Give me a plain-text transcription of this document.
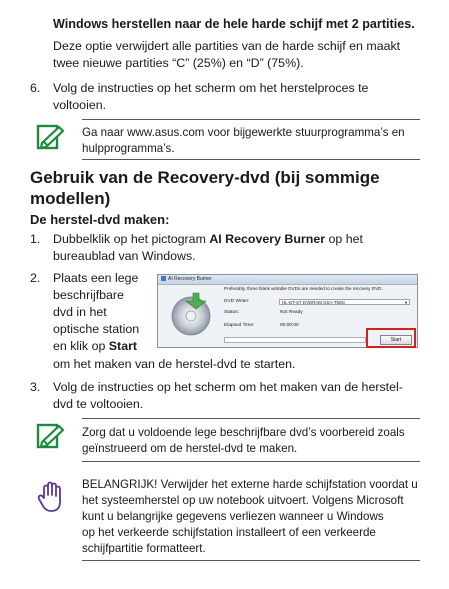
Windows herstellen naar de hele harde schijf met 2 partities.
Deze optie verwijdert alle partities van de harde schijf en maakt
twee nieuwe partities “C” (25%) en “D” (75%).
6. Volg de instructies op het scherm om het herstelproces te
voltooien.
Ga naar www.asus.com voor bijgewerkte stuurprogramma’s en
hulpprogramma’s.
Gebruik van de Recovery-dvd (bij sommige
modellen)
De herstel-dvd maken:
1. Dubbelklik op het pictogram AI Recovery Burner op het
bureaublad van Windows.
2. Plaats een lege
beschrijfbare
dvd in het
optische station
en klik op Start
om het maken van de herstel-dvd te starten.
AI Recovery Burner
Preferably, three blank writable DVDs are needed to create the recovery DVD.
DVD Writer:	HL-DT-ST DVDRAM GSA-T50N	▼
Status:	Not Ready
Elapsed Time:	00:00:00
Start
3. Volg de instructies op het scherm om het maken van de herstel-
dvd te voltooien.
Zorg dat u voldoende lege beschrijfbare dvd’s voorbereid zoals
geïnstrueerd om de herstel-dvd te maken.
BELANGRIJK! Verwijder het externe harde schijfstation voordat u
het systeemherstel op uw notebook uitvoert. Volgens Microsoft
kunt u belangrijke gegevens verliezen wanneer u Windows
op het verkeerde schijfstation installeert of een verkeerde
schijfpartitie formatteert.
